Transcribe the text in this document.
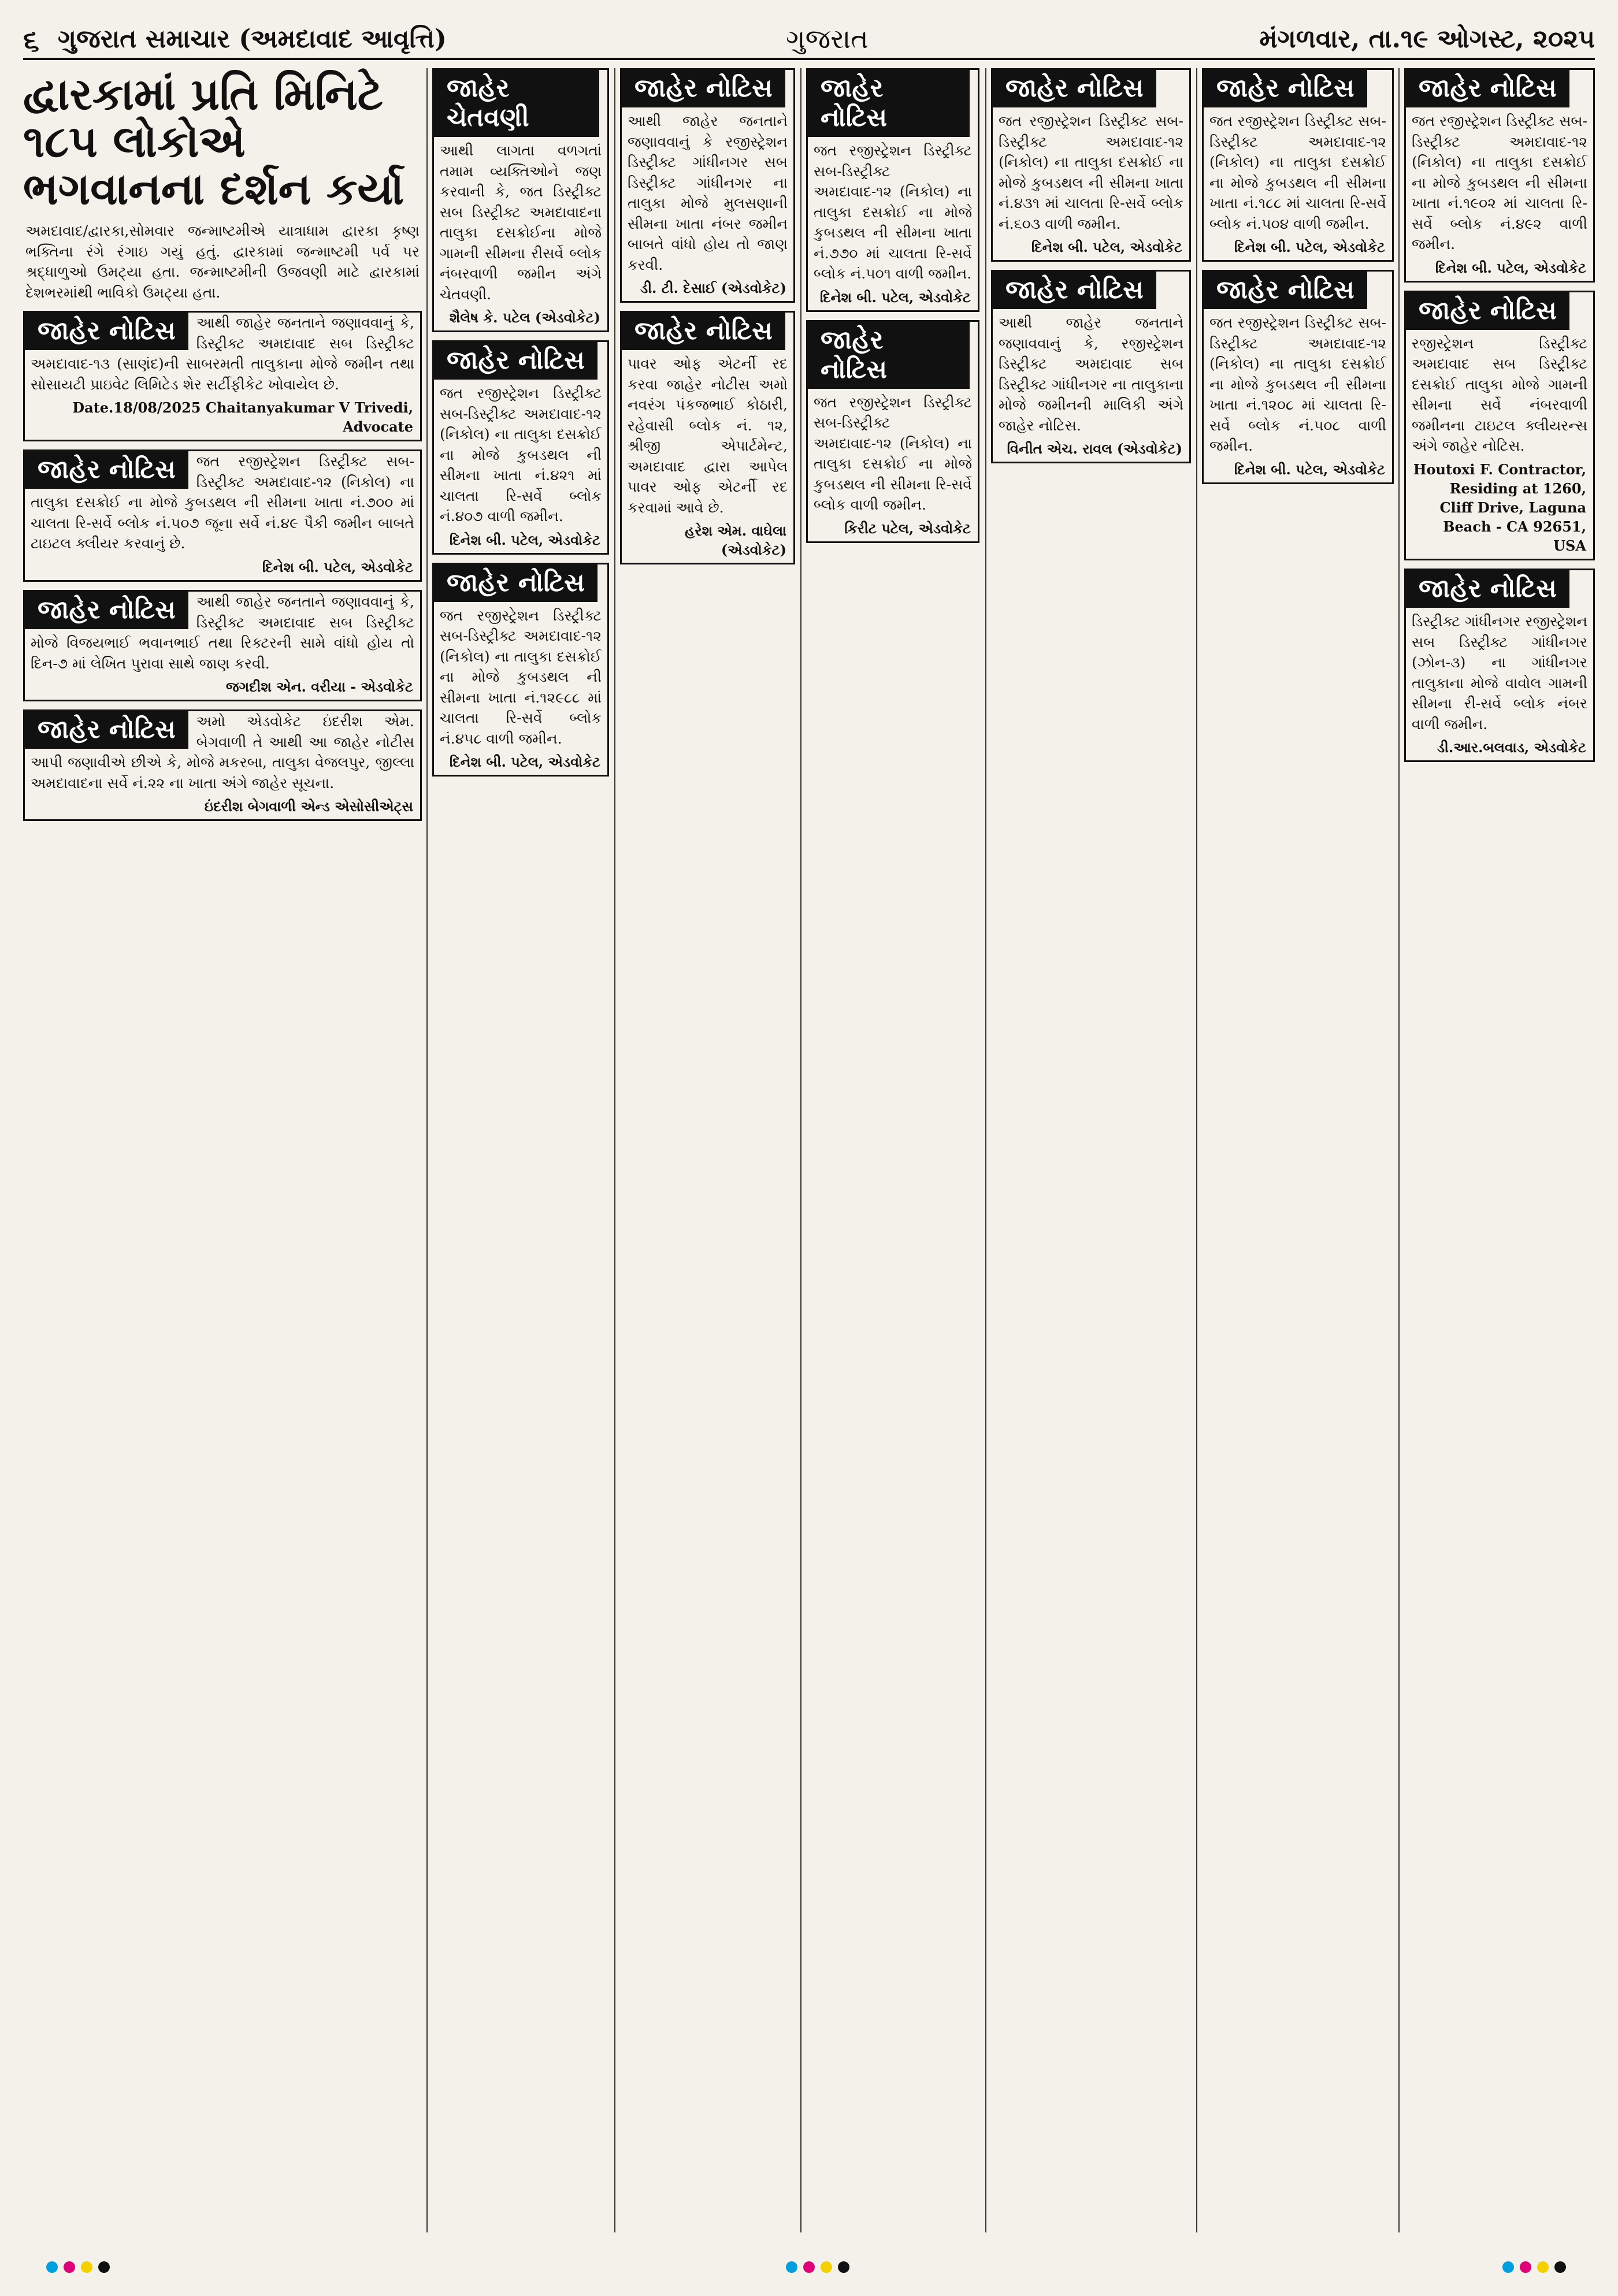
૬ ગુજરાત સમાચાર (અમદાવાદ આવૃત્તિ)	ગુજરાત	મંગળવાર, તા.૧૯ ઓગસ્ટ, ૨૦૨૫
દ્વારકામાં પ્રતિ મિનિટે ૧૮૫ લોકોએ ભગવાનના દર્શન કર્યા
અમદાવાદ/દ્વારકા,સોમવાર જન્માષ્ટમીએ યાત્રાધામ દ્વારકા કૃષ્ણ ભક્તિના રંગે રંગાઇ ગયું હતું. દ્વારકામાં જન્માષ્ટમી પર્વ પર શ્રદ્ધાળુઓ ઉમટ્યા હતા. જન્માષ્ટમીની ઉજવણી માટે દ્વારકામાં દેશભરમાંથી ભાવિકો ઉમટ્યા હતા.
જાહેર નોટિસ	આથી જાહેર જનતાને જણાવવાનું કે, ડિસ્ટ્રીક્ટ અમદાવાદ સબ ડિસ્ટ્રીક્ટ અમદાવાદ-૧૩ (સાણંદ)ની સાબરમતી તાલુકાના મોજે જમીન તથા સોસાયટી પ્રાઇવેટ લિમિટેડ શેર સર્ટીફીકેટ ખોવાયેલ છે.

Date.18/08/2025 Chaitanyakumar V Trivedi, Advocate
જાહેર નોટિસ	જત રજીસ્ટ્રેશન ડિસ્ટ્રીક્ટ સબ-ડિસ્ટ્રીક્ટ અમદાવાદ-૧૨ (નિકોલ) ના તાલુકા દસક્રોઈ ના મોજે કુબડથલ ની સીમના ખાતા નં.૭૦૦ માં ચાલતા રિ-સર્વે બ્લોક નં.૫૦૭ જૂના સર્વે નં.૪૯ પૈકી જમીન બાબતે ટાઇટલ ક્લીયર કરવાનું છે.

દિનેશ બી. પટેલ, એડવોકેટ
જાહેર નોટિસ	આથી જાહેર જનતાને જણાવવાનું કે, ડિસ્ટ્રીક્ટ અમદાવાદ સબ ડિસ્ટ્રીક્ટ મોજે વિજયભાઈ ભવાનભાઈ તથા રિક્ટરની સામે વાંધો હોય તો દિન-૭ માં લેખિત પુરાવા સાથે જાણ કરવી.

જગદીશ એન. વરીયા - એડવોકેટ
જાહેર નોટિસ	અમો એડવોકેટ ઇંદરીશ એમ. બેગવાળી તે આથી આ જાહેર નોટીસ આપી જણાવીએ છીએ કે, મોજે મકરબા, તાલુકા વેજલપુર, જીલ્લા અમદાવાદના સર્વે નં.૨૨ ના ખાતા અંગે જાહેર સૂચના.

ઇંદરીશ બેગવાળી એન્ડ એસોસીએટ્સ
જાહેર ચેતવણી

આથી લાગતા વળગતાં તમામ વ્યક્તિઓને જણ કરવાની કે, જત ડિસ્ટ્રીક્ટ સબ ડિસ્ટ્રીક્ટ અમદાવાદના તાલુકા દસક્રોઈના મોજે ગામની સીમના રીસર્વે બ્લોક નંબરવાળી જમીન અંગે ચેતવણી.

શૈલેષ કે. પટેલ (એડવોકેટ)
જાહેર નોટિસ

જત રજીસ્ટ્રેશન ડિસ્ટ્રીક્ટ સબ-ડિસ્ટ્રીક્ટ અમદાવાદ-૧૨ (નિકોલ) ના તાલુકા દસક્રોઈ ના મોજે કુબડથલ ની સીમના ખાતા નં.૪૨૧ માં ચાલતા રિ-સર્વે બ્લોક નં.૪૦૭ વાળી જમીન.

દિનેશ બી. પટેલ, એડવોકેટ
જાહેર નોટિસ

જત રજીસ્ટ્રેશન ડિસ્ટ્રીક્ટ સબ-ડિસ્ટ્રીક્ટ અમદાવાદ-૧૨ (નિકોલ) ના તાલુકા દસક્રોઈ ના મોજે કુબડથલ ની સીમના ખાતા નં.૧૨૯૮૮ માં ચાલતા રિ-સર્વે બ્લોક નં.૪૫૮ વાળી જમીન.

દિનેશ બી. પટેલ, એડવોકેટ
જાહેર નોટિસ

આથી જાહેર જનતાને જણાવવાનું કે રજીસ્ટ્રેશન ડિસ્ટ્રીક્ટ ગાંધીનગર સબ ડિસ્ટ્રીક્ટ ગાંધીનગર ના તાલુકા મોજે મુલસણાની સીમના ખાતા નંબર જમીન બાબતે વાંધો હોય તો જાણ કરવી.

ડી. ટી. દેસાઈ (એડવોકેટ)
જાહેર નોટિસ

પાવર ઓફ એટર્ની રદ કરવા જાહેર નોટીસ અમો નવરંગ પંકજભાઈ કોઠારી, રહેવાસી બ્લોક નં. ૧૨, શ્રીજી એપાર્ટમેન્ટ, અમદાવાદ દ્વારા આપેલ પાવર ઓફ એટર્ની રદ કરવામાં આવે છે.

હરેશ એમ. વાઘેલા (એડવોકેટ)
જાહેર નોટિસ

જત રજીસ્ટ્રેશન ડિસ્ટ્રીક્ટ સબ-ડિસ્ટ્રીક્ટ અમદાવાદ-૧૨ (નિકોલ) ના તાલુકા દસક્રોઈ ના મોજે કુબડથલ ની સીમના ખાતા નં.૭૭૦ માં ચાલતા રિ-સર્વે બ્લોક નં.૫૦૧ વાળી જમીન.

દિનેશ બી. પટેલ, એડવોકેટ
જાહેર નોટિસ

જત રજીસ્ટ્રેશન ડિસ્ટ્રીક્ટ સબ-ડિસ્ટ્રીક્ટ અમદાવાદ-૧૨ (નિકોલ) ના તાલુકા દસક્રોઈ ના મોજે કુબડથલ ની સીમના રિ-સર્વે બ્લોક વાળી જમીન.

કિરીટ પટેલ, એડવોકેટ
જાહેર નોટિસ

જત રજીસ્ટ્રેશન ડિસ્ટ્રીક્ટ સબ-ડિસ્ટ્રીક્ટ અમદાવાદ-૧૨ (નિકોલ) ના તાલુકા દસક્રોઈ ના મોજે કુબડથલ ની સીમના ખાતા નં.૪૩૧ માં ચાલતા રિ-સર્વે બ્લોક નં.૬૦૩ વાળી જમીન.

દિનેશ બી. પટેલ, એડવોકેટ
જાહેર નોટિસ

આથી જાહેર જનતાને જણાવવાનું કે, રજીસ્ટ્રેશન ડિસ્ટ્રીક્ટ અમદાવાદ સબ ડિસ્ટ્રીક્ટ ગાંધીનગર ના તાલુકાના મોજે જમીનની માલિકી અંગે જાહેર નોટિસ.

વિનીત એચ. રાવલ (એડવોકેટ)
જાહેર નોટિસ

જત રજીસ્ટ્રેશન ડિસ્ટ્રીક્ટ સબ-ડિસ્ટ્રીક્ટ અમદાવાદ-૧૨ (નિકોલ) ના તાલુકા દસક્રોઈ ના મોજે કુબડથલ ની સીમના ખાતા નં.૧૮૮ માં ચાલતા રિ-સર્વે બ્લોક નં.૫૦૪ વાળી જમીન.

દિનેશ બી. પટેલ, એડવોકેટ
જાહેર નોટિસ

જત રજીસ્ટ્રેશન ડિસ્ટ્રીક્ટ સબ-ડિસ્ટ્રીક્ટ અમદાવાદ-૧૨ (નિકોલ) ના તાલુકા દસક્રોઈ ના મોજે કુબડથલ ની સીમના ખાતા નં.૧૨૦૮ માં ચાલતા રિ-સર્વે બ્લોક નં.૫૦૮ વાળી જમીન.

દિનેશ બી. પટેલ, એડવોકેટ
જાહેર નોટિસ

જત રજીસ્ટ્રેશન ડિસ્ટ્રીક્ટ સબ-ડિસ્ટ્રીક્ટ અમદાવાદ-૧૨ (નિકોલ) ના તાલુકા દસક્રોઈ ના મોજે કુબડથલ ની સીમના ખાતા નં.૧૯૦૨ માં ચાલતા રિ-સર્વે બ્લોક નં.૪૯૨ વાળી જમીન.

દિનેશ બી. પટેલ, એડવોકેટ
જાહેર નોટિસ

રજીસ્ટ્રેશન ડિસ્ટ્રીક્ટ અમદાવાદ સબ ડિસ્ટ્રીક્ટ દસક્રોઈ તાલુકા મોજે ગામની સીમના સર્વે નંબરવાળી જમીનના ટાઇટલ ક્લીયરન્સ અંગે જાહેર નોટિસ.

Houtoxi F. Contractor, Residing at 1260, Cliff Drive, Laguna Beach - CA 92651, USA
જાહેર નોટિસ

ડિસ્ટ્રીક્ટ ગાંધીનગર રજીસ્ટ્રેશન સબ ડિસ્ટ્રીક્ટ ગાંધીનગર (ઝોન-૩) ના ગાંધીનગર તાલુકાના મોજે વાવોલ ગામની સીમના રી-સર્વે બ્લોક નંબર વાળી જમીન.

ડી.આર.બલવાડ, એડવોકેટ
